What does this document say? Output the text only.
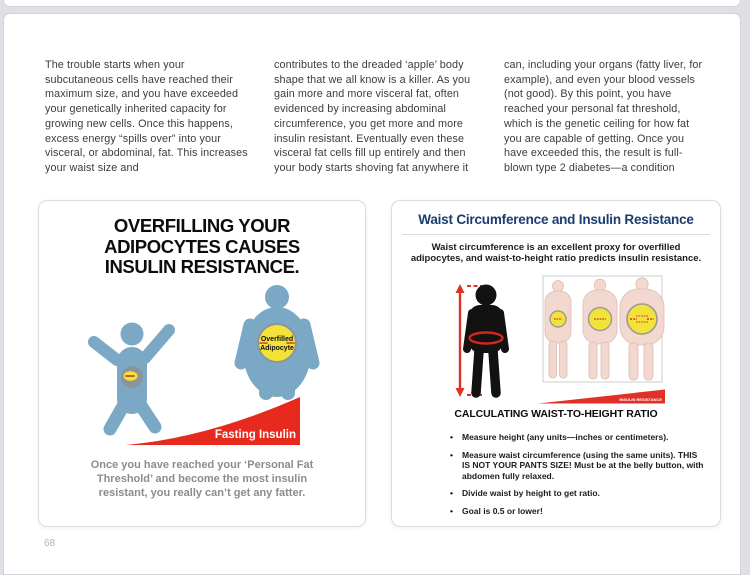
The trouble starts when your subcutaneous cells have reached their maximum size, and you have exceeded your genetically inherited capacity for growing new cells. Once this happens, excess energy “spills over” into your visceral, or abdominal, fat. This increases your waist size and
contributes to the dreaded ‘apple’ body shape that we all know is a killer. As you gain more and more visceral fat, often evidenced by increasing abdominal circumference, you get more and more insulin resistant. Eventually even these visceral fat cells fill up entirely and then your body starts shoving fat anywhere it
can, including your organs (fatty liver, for example), and even your blood vessels (not good). By this point, you have reached your personal fat threshold, which is the genetic ceiling for how fat you are capable of getting. Once you have exceeded this, the result is full-blown type 2 diabetes—a condition
OVERFILLING YOUR
ADIPOCYTES CAUSES
INSULIN RESISTANCE.
Fasting Insulin
Overfilled
Adipocyte
Once you have reached your ‘Personal Fat
Threshold’ and become the most insulin
resistant, you really can’t get any fatter.
Waist Circumference and Insulin Resistance
Waist circumference is an excellent proxy for overfilled
adipocytes, and waist-to-height ratio predicts insulin resistance.
INSULIN RESISTANCE
CALCULATING WAIST-TO-HEIGHT RATIO
•	Measure height (any units—inches or centimeters).
•	Measure waist circumference (using the same units). THIS IS NOT YOUR PANTS SIZE! Must be at the belly button, with abdomen fully relaxed.
•	Divide waist by height to get ratio.
•	Goal is 0.5 or lower!
68
